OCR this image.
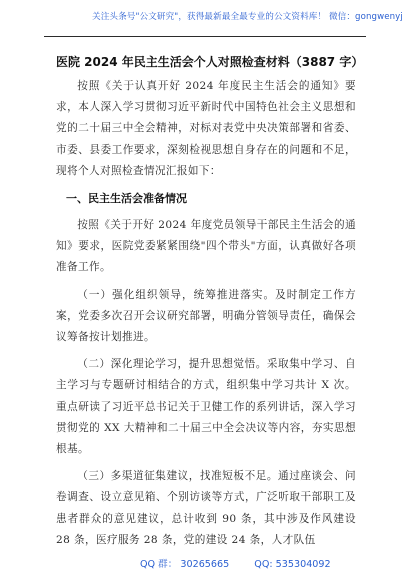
关注头条号"公文研究"，获得最新最全最专业的公文资料库！ 微信：gongwenyj
医院 2024 年民主生活会个人对照检查材料（3887 字）

按照《关于认真开好 2024 年度民主生活会的通知》要求，本人深入学习贯彻习近平新时代中国特色社会主义思想和党的二十届三中全会精神，对标对表党中央决策部署和省委、市委、县委工作要求，深刻检视思想自身存在的问题和不足，现将个人对照检查情况汇报如下：

一、民主生活会准备情况

按照《关于开好 2024 年度党员领导干部民主生活会的通知》要求，医院党委紧紧围绕"四个带头"方面，认真做好各项准备工作。

（一）强化组织领导，统筹推进落实。及时制定工作方案，党委多次召开会议研究部署，明确分管领导责任，确保会议筹备按计划推进。

（二）深化理论学习，提升思想觉悟。采取集中学习、自主学习与专题研讨相结合的方式，组织集中学习共计 X 次。重点研读了习近平总书记关于卫健工作的系列讲话，深入学习贯彻党的 XX 大精神和二十届三中全会决议等内容，夯实思想根基。

（三）多渠道征集建议，找准短板不足。通过座谈会、问卷调查、设立意见箱、个别访谈等方式，广泛听取干部职工及患者群众的意见建议，总计收到 90 条，其中涉及作风建设 28 条，医疗服务 28 条，党的建设 24 条，人才队伍

QQ 群： 30265665	QQ: 535304092
